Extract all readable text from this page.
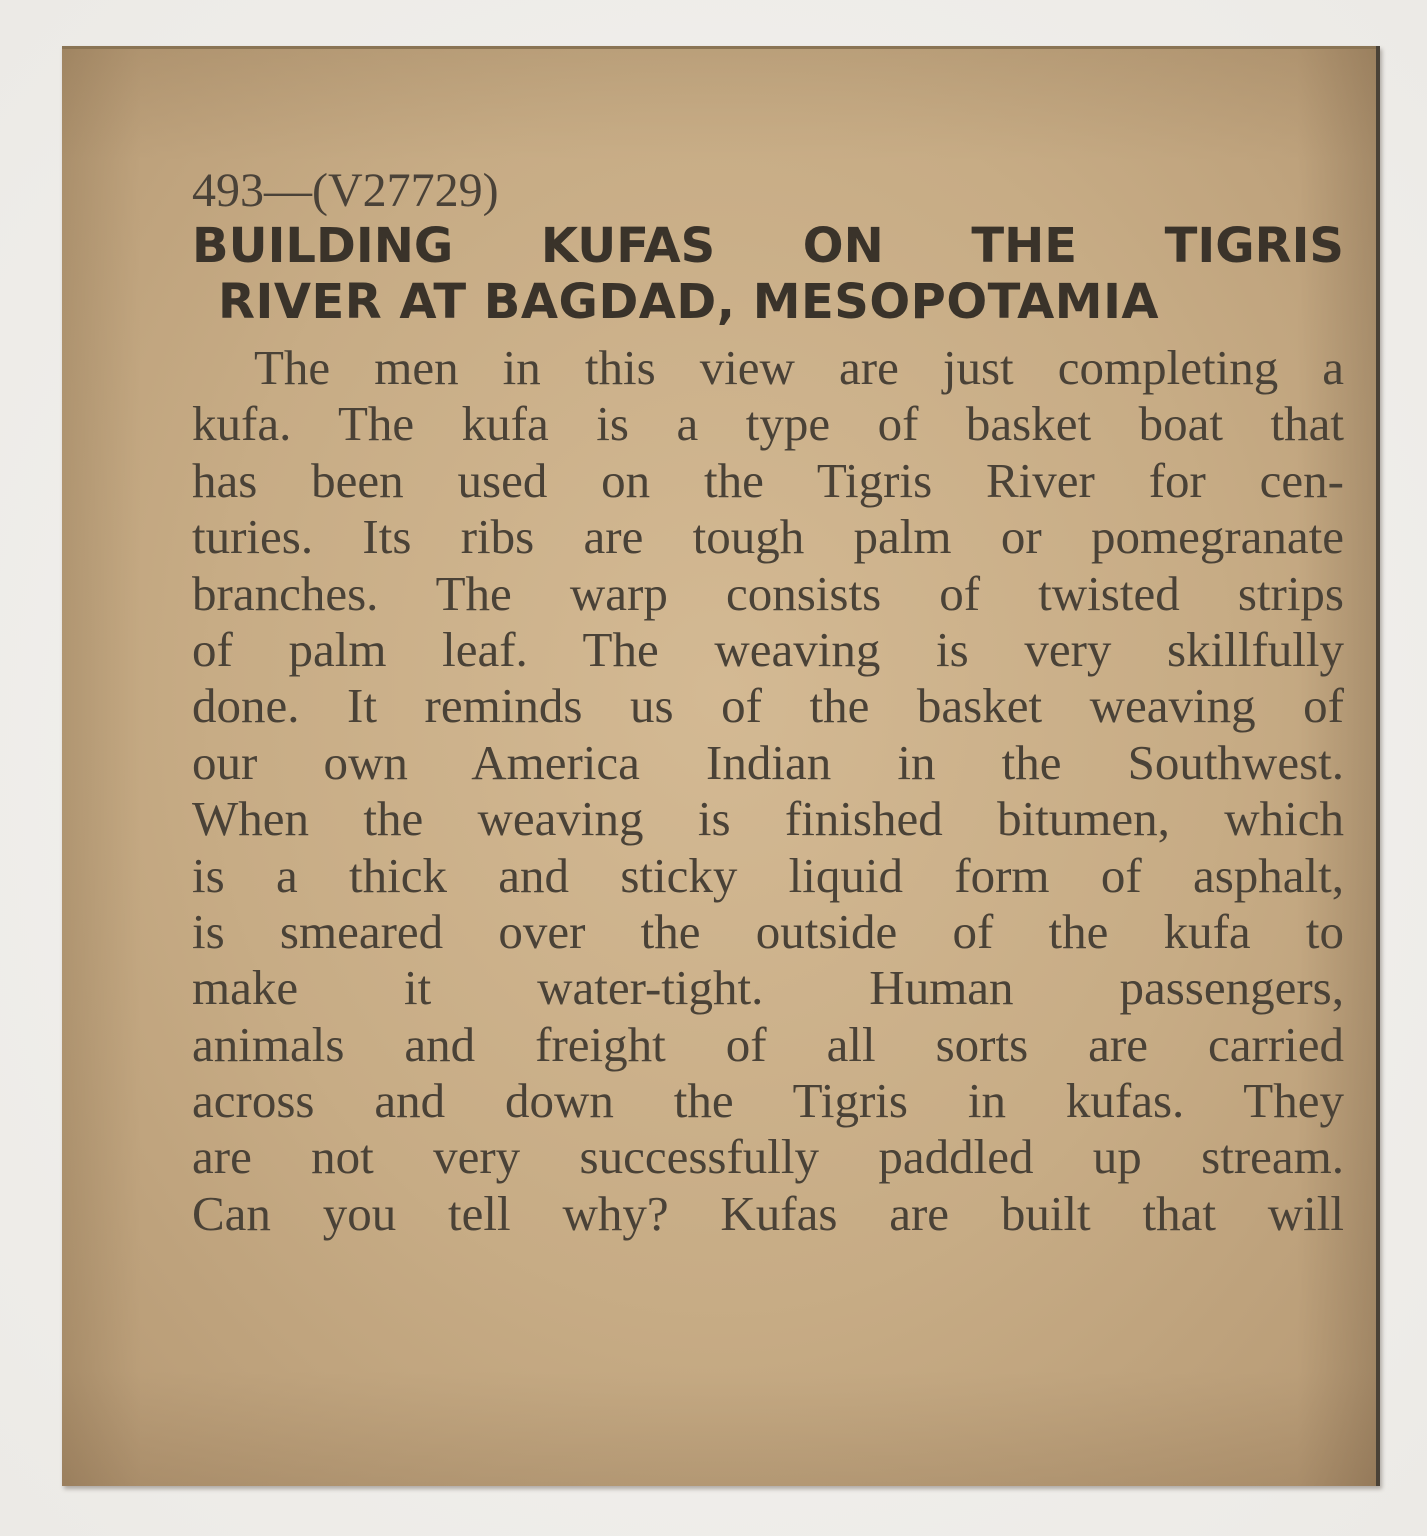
493—(V27729)

BUILDING KUFAS ON THE TIGRIS

RIVER AT BAGDAD, MESOPOTAMIA

The men in this view are just completing a

kufa. The kufa is a type of basket boat that

has been used on the Tigris River for cen-

turies. Its ribs are tough palm or pomegranate

branches. The warp consists of twisted strips

of palm leaf. The weaving is very skillfully

done. It reminds us of the basket weaving of

our own America Indian in the Southwest.

When the weaving is finished bitumen, which

is a thick and sticky liquid form of asphalt,

is smeared over the outside of the kufa to

make it water-tight. Human passengers,

animals and freight of all sorts are carried

across and down the Tigris in kufas. They

are not very successfully paddled up stream.

Can you tell why? Kufas are built that will
